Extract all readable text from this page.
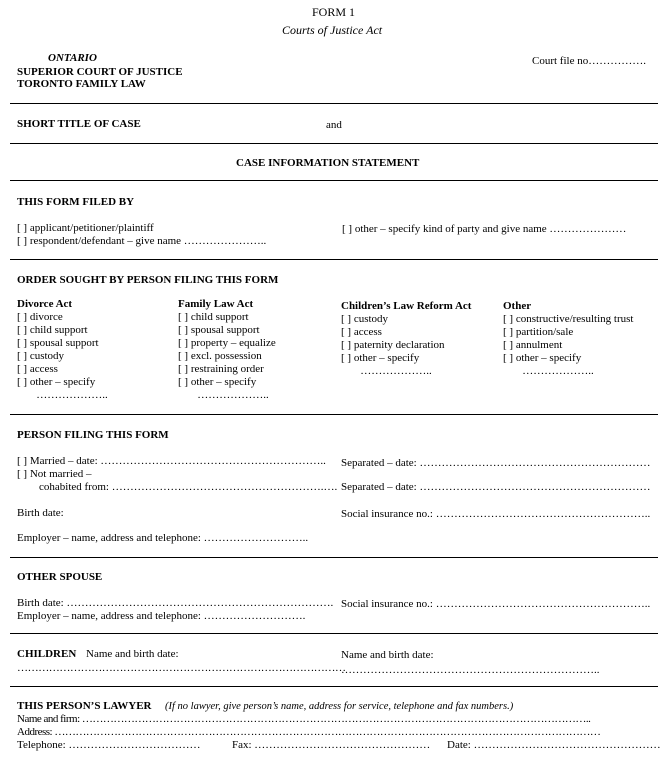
FORM 1
Courts of Justice Act
ONTARIO
SUPERIOR COURT OF JUSTICE
TORONTO FAMILY LAW
Court file no…………….
SHORT TITLE OF CASE	and
CASE INFORMATION STATEMENT
THIS FORM FILED BY
[ ] applicant/petitioner/plaintiff
[ ] respondent/defendant – give name …………………..
[ ] other – specify kind of party and give name …………………
ORDER SOUGHT BY PERSON FILING THIS FORM
Divorce Act
[ ] divorce
[ ] child support
[ ] spousal support
[ ] custody
[ ] access
[ ] other – specify
………………..
Family Law Act
[ ] child support
[ ] spousal support
[ ] property – equalize
[ ] excl. possession
[ ] restraining order
[ ] other – specify
………………..
Children’s Law Reform Act
[ ] custody
[ ] access
[ ] paternity declaration
[ ] other – specify
………………..
Other
[ ] constructive/resulting trust
[ ] partition/sale
[ ] annulment
[ ] other – specify
………………..
PERSON FILING THIS FORM
[ ] Married – date: ……………………………………………………..
[ ] Not married –
cohabited from: ………………………………………………….….
Separated – date: ………………………………………………………
Separated – date: ………………………………………………………
Birth date:	Social insurance no.: …………………………………………………..
Employer – name, address and telephone: ………………………..
OTHER SPOUSE
Birth date: ………………………………………………………………. Social insurance no.: …………………………………………………..
Employer – name, address and telephone: ……………………….
CHILDREN Name and birth date:	Name and birth date:
…………………………………………………………………………………
……………………………………………………………..
THIS PERSON’S LAWYER (If no lawyer, give person’s name, address for service, telephone and fax numbers.)
Name and firm: ………………………………………………………………………………………………………………………………..
Address: …………………………………………………………………………………………………………………………………………
Telephone: ………………………………	Fax: ………………………………………… Date: ……………………………………………
